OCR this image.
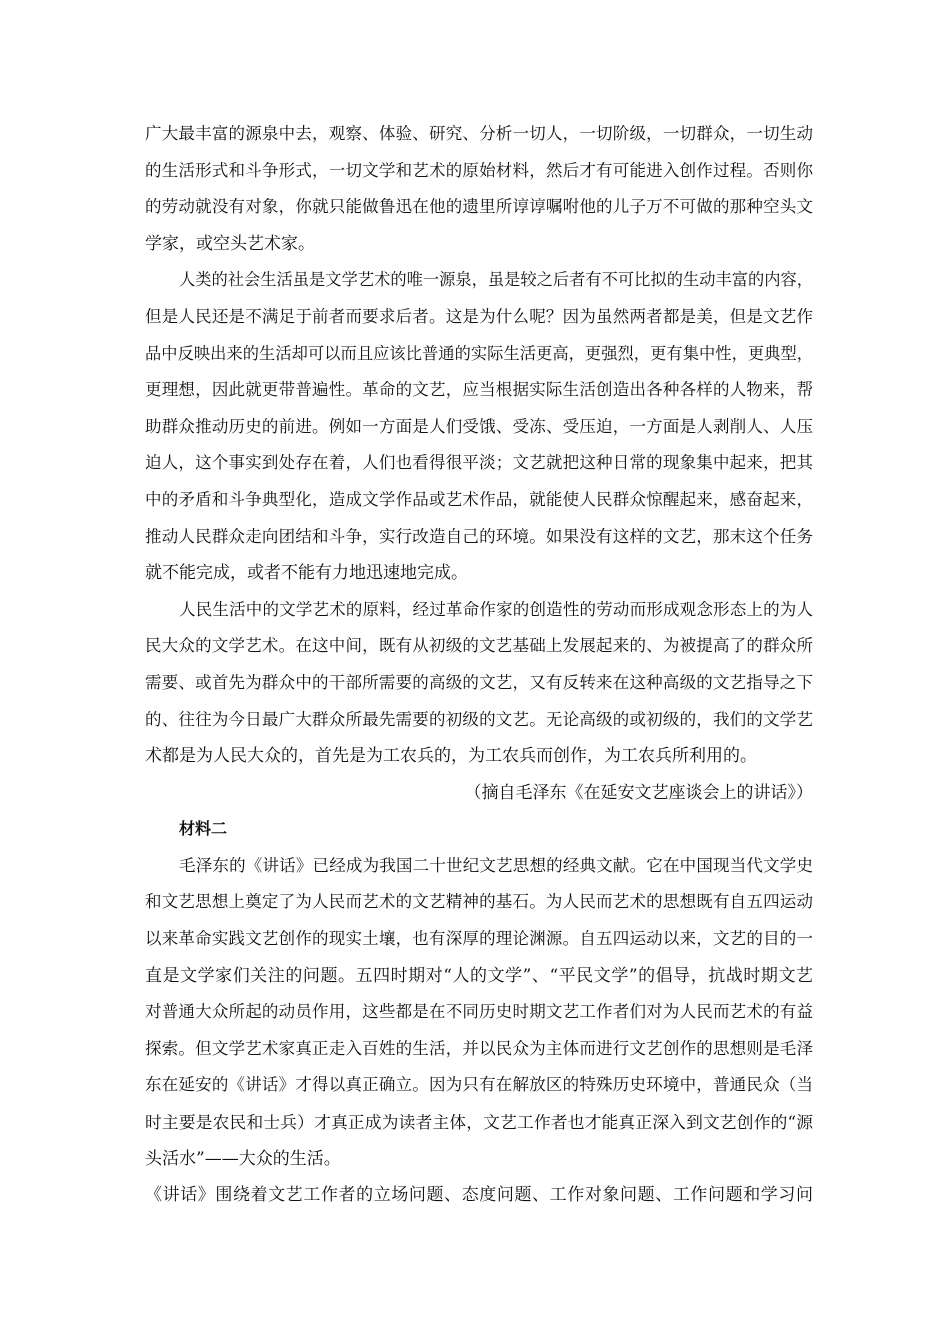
广大最丰富的源泉中去，观察、体验、研究、分析一切人，一切阶级，一切群众，一切生动
的生活形式和斗争形式，一切文学和艺术的原始材料，然后才有可能进入创作过程。否则你
的劳动就没有对象，你就只能做鲁迅在他的遗里所谆谆嘱咐他的儿子万不可做的那种空头文
学家，或空头艺术家。
人类的社会生活虽是文学艺术的唯一源泉，虽是较之后者有不可比拟的生动丰富的内容，
但是人民还是不满足于前者而要求后者。这是为什么呢？因为虽然两者都是美，但是文艺作
品中反映出来的生活却可以而且应该比普通的实际生活更高，更强烈，更有集中性，更典型，
更理想，因此就更带普遍性。革命的文艺，应当根据实际生活创造出各种各样的人物来，帮
助群众推动历史的前进。例如一方面是人们受饿、受冻、受压迫，一方面是人剥削人、人压
迫人，这个事实到处存在着，人们也看得很平淡；文艺就把这种日常的现象集中起来，把其
中的矛盾和斗争典型化，造成文学作品或艺术作品，就能使人民群众惊醒起来，感奋起来，
推动人民群众走向团结和斗争，实行改造自己的环境。如果没有这样的文艺，那末这个任务
就不能完成，或者不能有力地迅速地完成。
人民生活中的文学艺术的原料，经过革命作家的创造性的劳动而形成观念形态上的为人
民大众的文学艺术。在这中间，既有从初级的文艺基础上发展起来的、为被提高了的群众所
需要、或首先为群众中的干部所需要的高级的文艺，又有反转来在这种高级的文艺指导之下
的、往往为今日最广大群众所最先需要的初级的文艺。无论高级的或初级的，我们的文学艺
术都是为人民大众的，首先是为工农兵的，为工农兵而创作，为工农兵所利用的。
（摘自毛泽东《在延安文艺座谈会上的讲话》）
材料二
毛泽东的《讲话》已经成为我国二十世纪文艺思想的经典文献。它在中国现当代文学史
和文艺思想上奠定了为人民而艺术的文艺精神的基石。为人民而艺术的思想既有自五四运动
以来革命实践文艺创作的现实土壤，也有深厚的理论渊源。自五四运动以来，文艺的目的一
直是文学家们关注的问题。五四时期对“人的文学”、“平民文学”的倡导，抗战时期文艺
对普通大众所起的动员作用，这些都是在不同历史时期文艺工作者们对为人民而艺术的有益
探索。但文学艺术家真正走入百姓的生活，并以民众为主体而进行文艺创作的思想则是毛泽
东在延安的《讲话》才得以真正确立。因为只有在解放区的特殊历史环境中，普通民众（当
时主要是农民和士兵）才真正成为读者主体，文艺工作者也才能真正深入到文艺创作的“源
头活水”——大众的生活。
《讲话》围绕着文艺工作者的立场问题、态度问题、工作对象问题、工作问题和学习问
